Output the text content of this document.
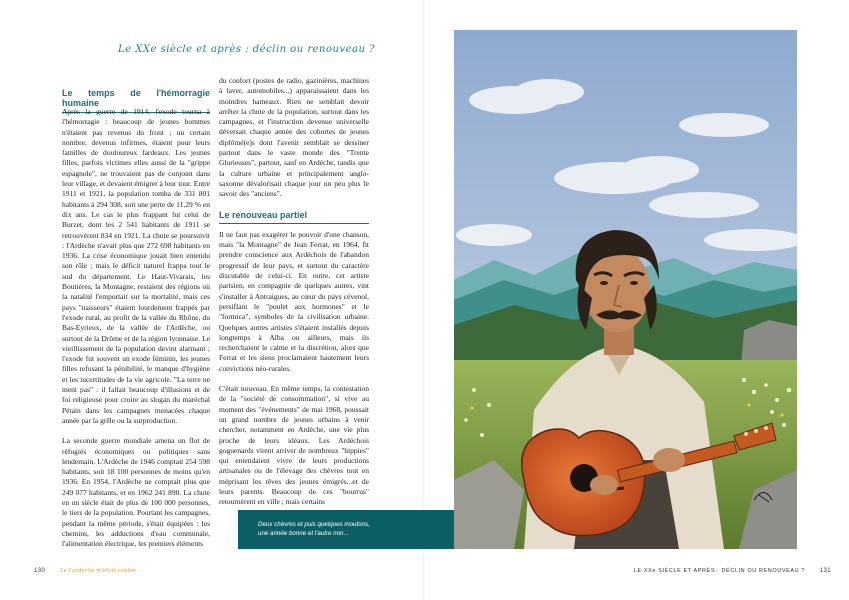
Le XXe siècle et après : déclin ou renouveau ?
Le temps de l'hémorragie humaine

Après la guerre de 1914, l'exode tourna à l'hémorragie : beaucoup de jeunes hommes n'étaient pas revenus du front ; un certain nombre, devenus infirmes, étaient pour leurs familles de douloureux fardeaux. Les jeunes filles, parfois victimes elles aussi de la "grippe espagnole", ne trouvaient pas de conjoint dans leur village, et devaient émigrer à leur tour. Entre 1911 et 1921, la population tomba de 331 801 habitants à 294 308, soit une perte de 11,29 % en dix ans. Le cas le plus frappant fut celui de Burzet, dont les 2 541 habitants de 1911 se retrouvèrent 834 en 1921. La chute se poursuivit : l'Ardèche n'avait plus que 272 698 habitants en 1936. La crise économique jouait bien entendu son rôle ; mais le déficit naturel frappa tout le sud du département. Le Haut-Vivarais, les Boutières, la Montagne, restaient des régions où la natalité l'emportait sur la mortalité, mais ces pays "naisseurs" étaient lourdement frappés par l'exode rural, au profit de la vallée du Rhône, du Bas-Eyrieux, de la vallée de l'Ardèche, ou surtout de la Drôme et de la région lyonnaise. Le vieillissement de la population devint alarmant ; l'exode fut souvent un exode féminin, les jeunes filles refusant la pénibilité, le manque d'hygiène et les incertitudes de la vie agricole. "La terre ne ment pas" : il fallait beaucoup d'illusions et de foi religieuse pour croire au slogan du maréchal Pétain dans les campagnes menacées chaque année par la grêle ou la surproduction.

La seconde guerre mondiale amena un flot de réfugiés économiques ou politiques sans lendemain. L'Ardèche de 1946 comptait 254 598 habitants, soit 18 100 personnes de moins qu'en 1936. En 1954, l'Ardèche ne comptait plus que 249 077 habitants, et en 1962 241 890. La chute en un siècle était de plus de 100 000 personnes, le tiers de la population. Pourtant les campagnes, pendant la même période, s'était équipées : les chemins, les adductions d'eau communale, l'alimentation électrique, les premiers éléments

du confort (postes de radio, gazinières, machines à laver, automobiles...) apparaissaient dans les moindres hameaux. Rien ne semblait devoir arrêter la chute de la population, surtout dans les campagnes, et l'instruction devenue universelle déversait chaque année des cohortes de jeunes diplômé(e)s dont l'avenir semblait se dessiner partout dans le vaste monde des "Trente Glorieuses", partout, sauf en Ardèche, tandis que la culture urbaine et principalement anglo-saxonne dévalorisait chaque jour un peu plus le savoir des "anciens".

Le renouveau partiel

Il ne faut pas exagérer le pouvoir d'une chanson, mais "la Montagne" de Jean Ferrat, en 1964, fit prendre conscience aux Ardéchois de l'abandon progressif de leur pays, et surtout du caractère discutable de celui-ci. En outre, cet artiste parisien, en compagnie de quelques autres, vint s'installer à Antraigues, au cœur du pays cévenol, persiflant le "poulet aux hormones" et le "formica", symboles de la civilisation urbaine. Quelques autres artistes s'étaient installés depuis longtemps à Alba ou ailleurs, mais ils recherchaient le calme et la discrétion, alors que Ferrat et les siens proclamaient hautement leurs convictions néo-rurales.

C'était nouveau. En même temps, la contestation de la "société de consommation", si vive au moment des "événements" de mai 1968, poussait un grand nombre de jeunes urbains à venir chercher, notamment en Ardèche, une vie plus proche de leurs idéaux. Les Ardéchois goguenards virent arriver de nombreux "hippies" qui entendaient vivre de leurs productions artisanales ou de l'élevage des chèvres tout en méprisant les rêves des jeunes émigrés...et de leurs parents. Beaucoup de ces "bourrus" retournèrent en ville ; mais certains

Deux chèvres et puis quelques moutons,
une année bonne et l'autre non...
130	Le l'ardèche m'était contée	LE XXe SIÈCLE ET APRÈS : DÉCLIN OU RENOUVEAU ? 131
